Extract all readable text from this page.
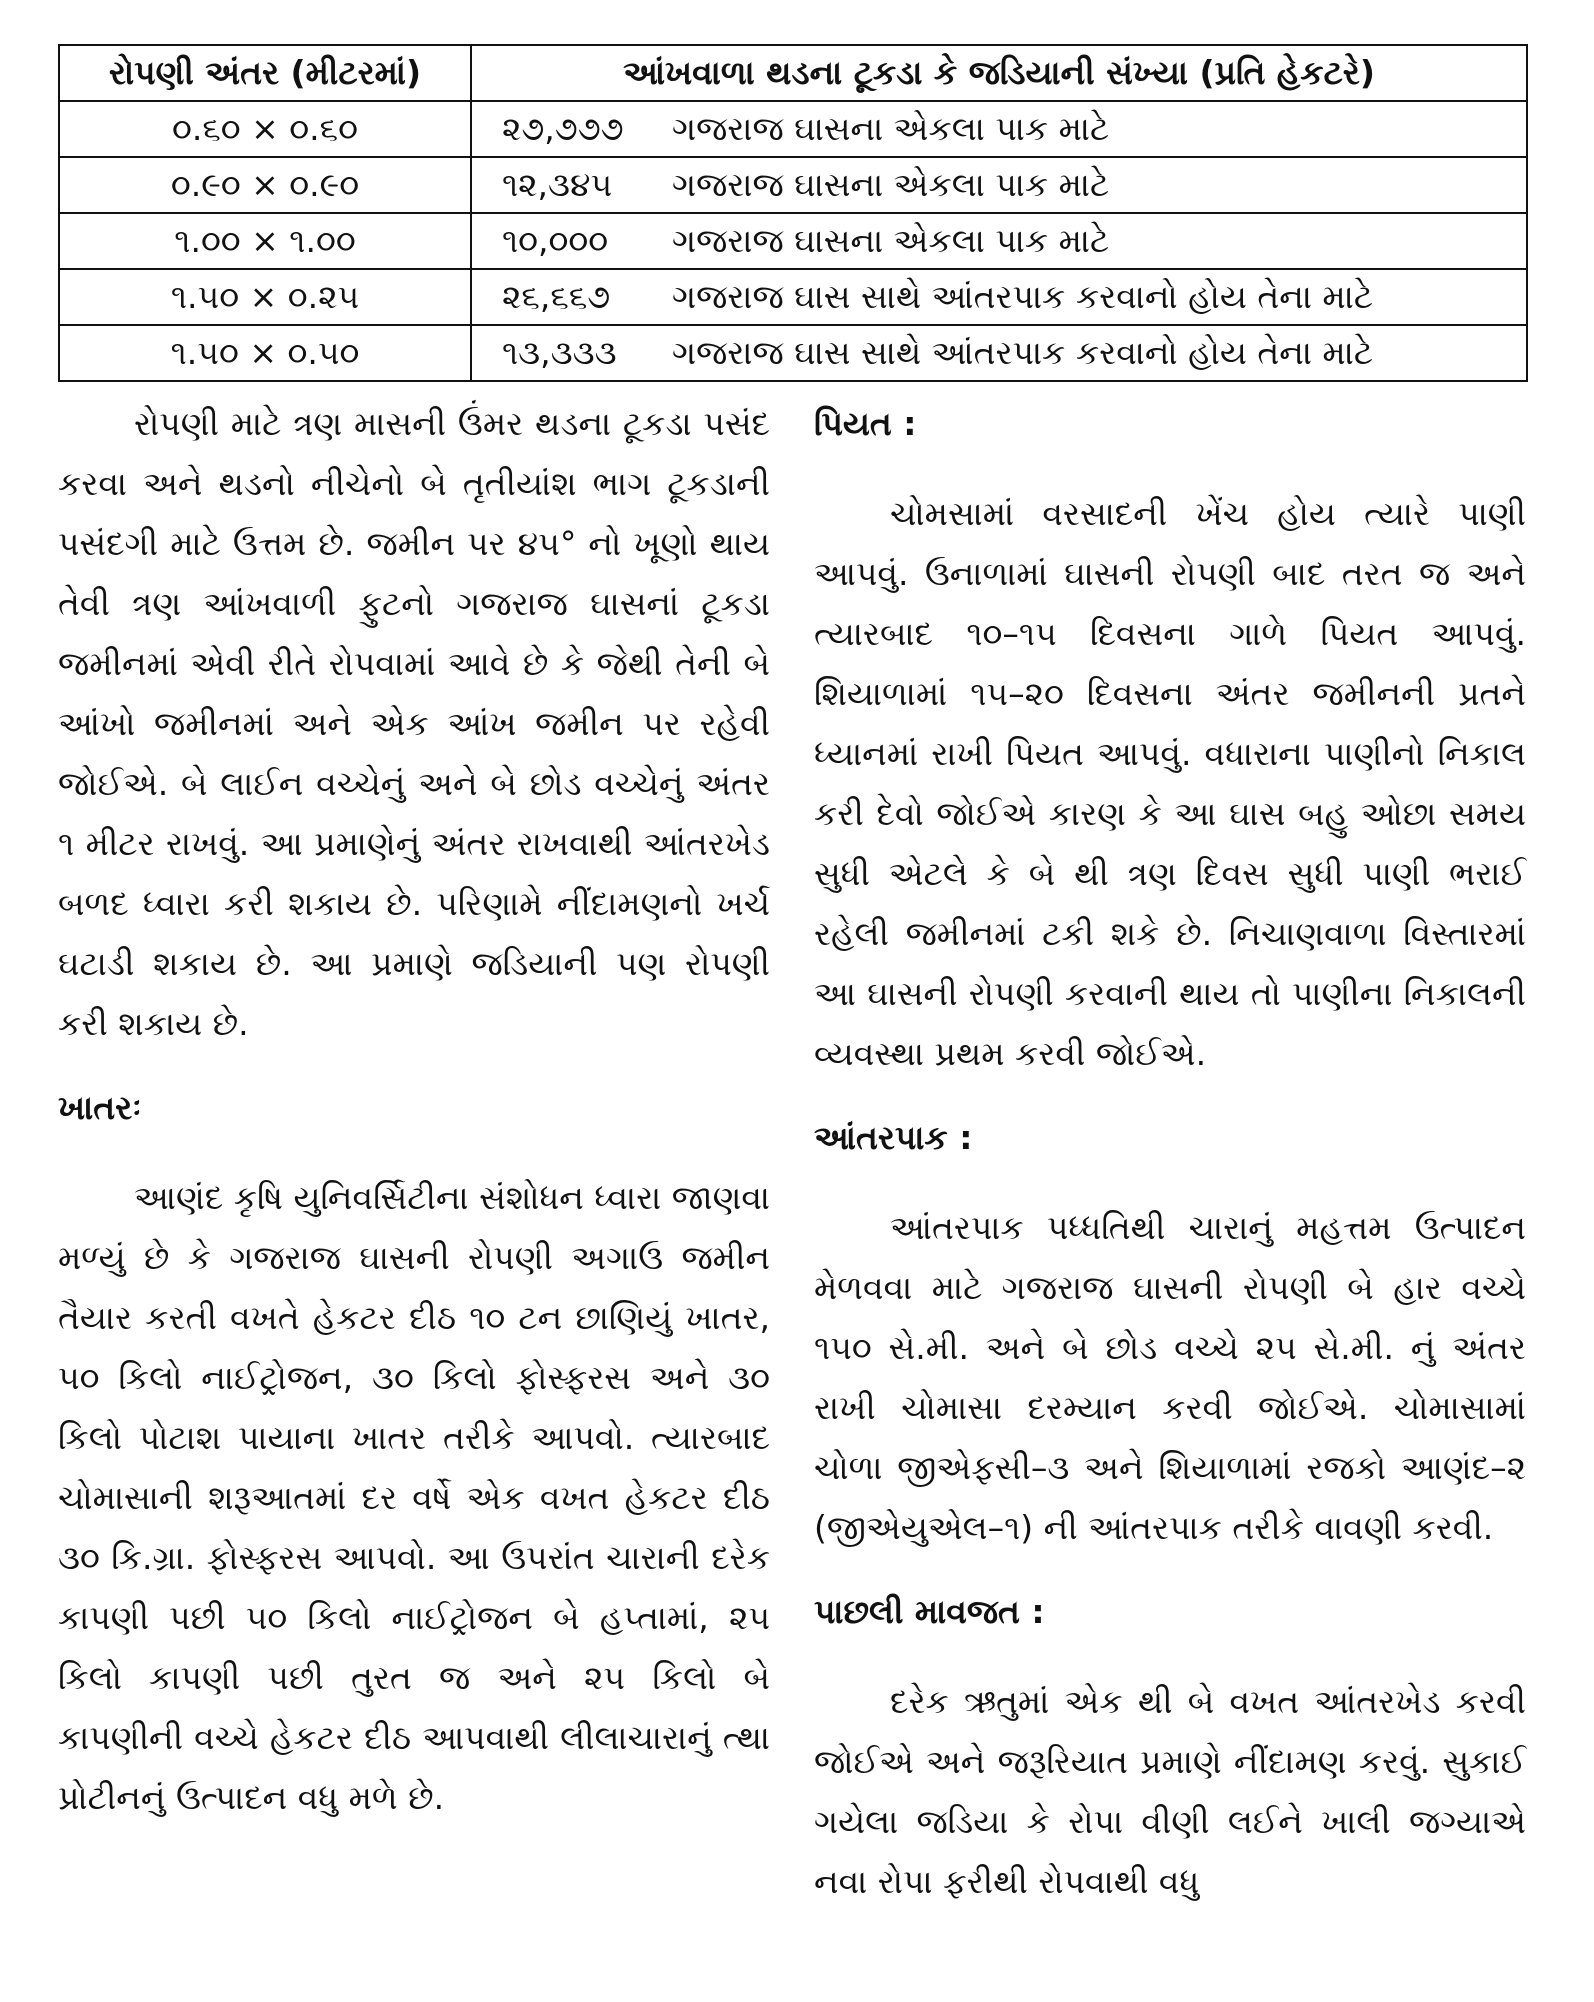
રોપણી અંતર (મીટરમાં)	આંખવાળા થડના ટૂકડા કે જડિયાની સંખ્યા (પ્રતિ હેકટરે)
૦.૬૦ × ૦.૬૦	૨૭,૭૭૭ ગજરાજ ઘાસના એકલા પાક માટે
૦.૯૦ × ૦.૯૦	૧૨,૩૪૫ ગજરાજ ઘાસના એકલા પાક માટે
૧.૦૦ × ૧.૦૦	૧૦,૦૦૦ ગજરાજ ઘાસના એકલા પાક માટે
૧.૫૦ × ૦.૨૫	૨૬,૬૬૭ ગજરાજ ઘાસ સાથે આંતરપાક કરવાનો હોય તેના માટે
૧.૫૦ × ૦.૫૦	૧૩,૩૩૩ ગજરાજ ઘાસ સાથે આંતરપાક કરવાનો હોય તેના માટે

રોપણી માટે ત્રણ માસની ઉંમર થડના ટૂકડા પસંદ કરવા અને થડનો નીચેનો બે તૃતીયાંશ ભાગ ટૂકડાની પસંદગી માટે ઉત્તમ છે. જમીન પર ૪૫° નો ખૂણો થાય તેવી ત્રણ આંખવાળી ફુટનો ગજરાજ ઘાસનાં ટૂકડા જમીનમાં એવી રીતે રોપવામાં આવે છે કે જેથી તેની બે આંખો જમીનમાં અને એક આંખ જમીન પર રહેવી જોઈએ. બે લાઈન વચ્ચેનું અને બે છોડ વચ્ચેનું અંતર ૧ મીટર રાખવું. આ પ્રમાણેનું અંતર રાખવાથી આંતરખેડ બળદ ધ્વારા કરી શકાય છે. પરિણામે નીંદામણનો ખર્ચ ઘટાડી શકાય છે. આ પ્રમાણે જડિયાની પણ રોપણી કરી શકાય છે.

ખાતરઃ

આણંદ કૃષિ યુનિવર્સિટીના સંશોધન ધ્વારા જાણવા મળ્યું છે કે ગજરાજ ઘાસની રોપણી અગાઉ જમીન તૈયાર કરતી વખતે હેકટર દીઠ ૧૦ ટન છાણિયું ખાતર, ૫૦ કિલો નાઈટ્રોજન, ૩૦ કિલો ફોસ્ફરસ અને ૩૦ કિલો પોટાશ પાયાના ખાતર તરીકે આપવો. ત્યારબાદ ચોમાસાની શરૂઆતમાં દર વર્ષે એક વખત હેકટર દીઠ ૩૦ કિ.ગ્રા. ફોસ્ફરસ આપવો. આ ઉપરાંત ચારાની દરેક કાપણી પછી ૫૦ કિલો નાઈટ્રોજન બે હપ્તામાં, ૨૫ કિલો કાપણી પછી તુરત જ અને ૨૫ કિલો બે કાપણીની વચ્ચે હેકટર દીઠ આપવાથી લીલાચારાનું ત્થા પ્રોટીનનું ઉત્પાદન વધુ મળે છે.

પિયત :

ચોમસામાં વરસાદની ખેંચ હોય ત્યારે પાણી આપવું. ઉનાળામાં ઘાસની રોપણી બાદ તરત જ અને ત્યારબાદ ૧૦–૧૫ દિવસના ગાળે પિયત આપવું. શિયાળામાં ૧૫–૨૦ દિવસના અંતર જમીનની પ્રતને ધ્યાનમાં રાખી પિયત આપવું. વધારાના પાણીનો નિકાલ કરી દેવો જોઈએ કારણ કે આ ઘાસ બહુ ઓછા સમય સુધી એટલે કે બે થી ત્રણ દિવસ સુધી પાણી ભરાઈ રહેલી જમીનમાં ટકી શકે છે. નિચાણવાળા વિસ્તારમાં આ ઘાસની રોપણી કરવાની થાય તો પાણીના નિકાલની વ્યવસ્થા પ્રથમ કરવી જોઈએ.

આંતરપાક :

આંતરપાક પધ્ધતિથી ચારાનું મહત્તમ ઉત્પાદન મેળવવા માટે ગજરાજ ઘાસની રોપણી બે હાર વચ્ચે ૧૫૦ સે.મી. અને બે છોડ વચ્ચે ૨૫ સે.મી. નું અંતર રાખી ચોમાસા દરમ્યાન કરવી જોઈએ. ચોમાસામાં ચોળા જીએફસી–૩ અને શિયાળામાં રજકો આણંદ–૨ (જીએયુએલ–૧) ની આંતરપાક તરીકે વાવણી કરવી.

પાછલી માવજત :

દરેક ઋતુમાં એક થી બે વખત આંતરખેડ કરવી જોઈએ અને જરૂરિયાત પ્રમાણે નીંદામણ કરવું. સુકાઈ ગયેલા જડિયા કે રોપા વીણી લઈને ખાલી જગ્યાએ નવા રોપા ફરીથી રોપવાથી વધુ
